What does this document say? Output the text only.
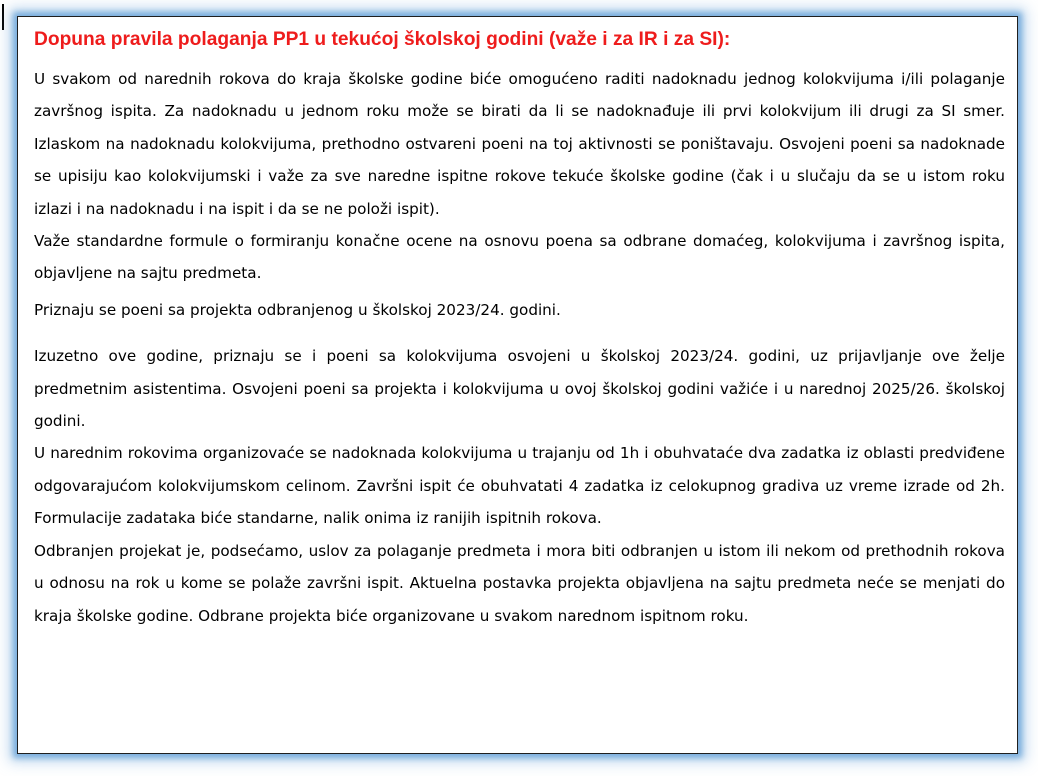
Dopuna pravila polaganja PP1 u tekućoj školskoj godini (važe i za IR i za SI):

U svakom od narednih rokova do kraja školske godine biće omogućeno raditi nadoknadu jednog kolokvijuma i/ili polaganje završnog ispita. Za nadoknadu u jednom roku može se birati da li se nadoknađuje ili prvi kolokvijum ili drugi za SI smer. Izlaskom na nadoknadu kolokvijuma, prethodno ostvareni poeni na toj aktivnosti se poništavaju. Osvojeni poeni sa nadoknade se upisiju kao kolokvijumski i važe za sve naredne ispitne rokove tekuće školske godine (čak i u slučaju da se u istom roku izlazi i na nadoknadu i na ispit i da se ne položi ispit).

Važe standardne formule o formiranju konačne ocene na osnovu poena sa odbrane domaćeg, kolokvijuma i završnog ispita, objavljene na sajtu predmeta.

Priznaju se poeni sa projekta odbranjenog u školskoj 2023/24. godini.

Izuzetno ove godine, priznaju se i poeni sa kolokvijuma osvojeni u školskoj 2023/24. godini, uz prijavljanje ove želje predmetnim asistentima. Osvojeni poeni sa projekta i kolokvijuma u ovoj školskoj godini važiće i u narednoj 2025/26. školskoj godini.

U narednim rokovima organizovaće se nadoknada kolokvijuma u trajanju od 1h i obuhvataće dva zadatka iz oblasti predviđene odgovarajućom kolokvijumskom celinom. Završni ispit će obuhvatati 4 zadatka iz celokupnog gradiva uz vreme izrade od 2h. Formulacije zadataka biće standarne, nalik onima iz ranijih ispitnih rokova.

Odbranjen projekat je, podsećamo, uslov za polaganje predmeta i mora biti odbranjen u istom ili nekom od prethodnih rokova u odnosu na rok u kome se polaže završni ispit. Aktuelna postavka projekta objavljena na sajtu predmeta neće se menjati do kraja školske godine. Odbrane projekta biće organizovane u svakom narednom ispitnom roku.
